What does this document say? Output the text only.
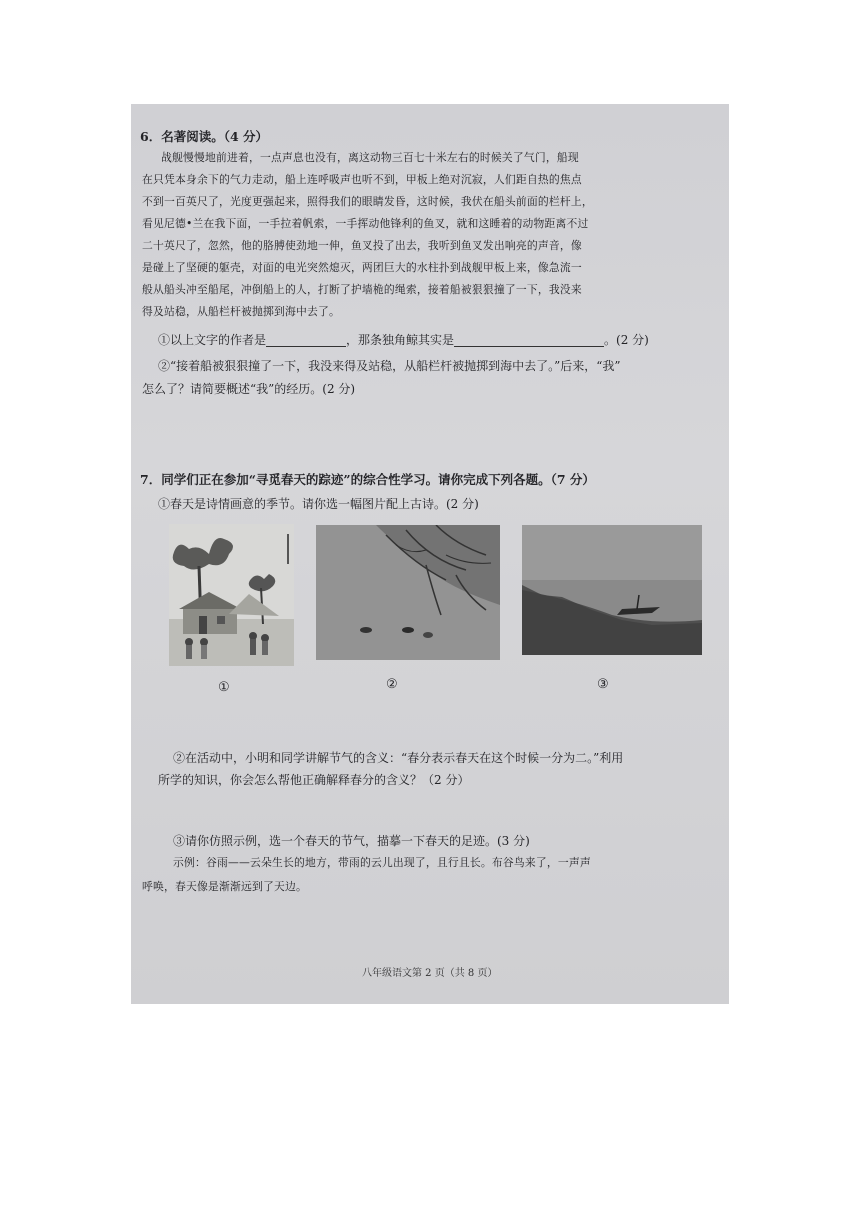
6．名著阅读。（4 分）
战舰慢慢地前进着，一点声息也没有，离这动物三百七十米左右的时候关了气门，船现
在只凭本身余下的气力走动，船上连呼吸声也听不到，甲板上绝对沉寂，人们距自热的焦点
不到一百英尺了，光度更强起来，照得我们的眼睛发昏，这时候，我伏在船头前面的栏杆上，
看见尼德•兰在我下面，一手拉着帆索，一手挥动他锋利的鱼叉，就和这睡着的动物距离不过
二十英尺了，忽然，他的胳膊使劲地一伸，鱼叉投了出去，我听到鱼叉发出响亮的声音，像
是碰上了坚硬的躯壳，对面的电光突然熄灭，两团巨大的水柱扑到战舰甲板上来，像急流一
般从船头冲至船尾，冲倒船上的人，打断了护墙桅的绳索，接着船被狠狠撞了一下，我没来
得及站稳，从船栏杆被抛掷到海中去了。
①以上文字的作者是	，那条独角鲸其实是	。(2 分)
②“接着船被狠狠撞了一下，我没来得及站稳，从船栏杆被抛掷到海中去了。”后来，“我”
怎么了？请简要概述“我”的经历。(2 分)
7．同学们正在参加“寻觅春天的踪迹”的综合性学习。请你完成下列各题。（7 分）
①春天是诗情画意的季节。请你选一幅图片配上古诗。(2 分)
①	②	③
②在活动中，小明和同学讲解节气的含义：“春分表示春天在这个时候一分为二。”利用
所学的知识，你会怎么帮他正确解释春分的含义？（2 分）
③请你仿照示例，选一个春天的节气，描摹一下春天的足迹。(3 分)
示例：谷雨——云朵生长的地方，带雨的云儿出现了，且行且长。布谷鸟来了，一声声
呼唤，春天像是渐渐远到了天边。
八年级语文第 2 页（共 8 页）
